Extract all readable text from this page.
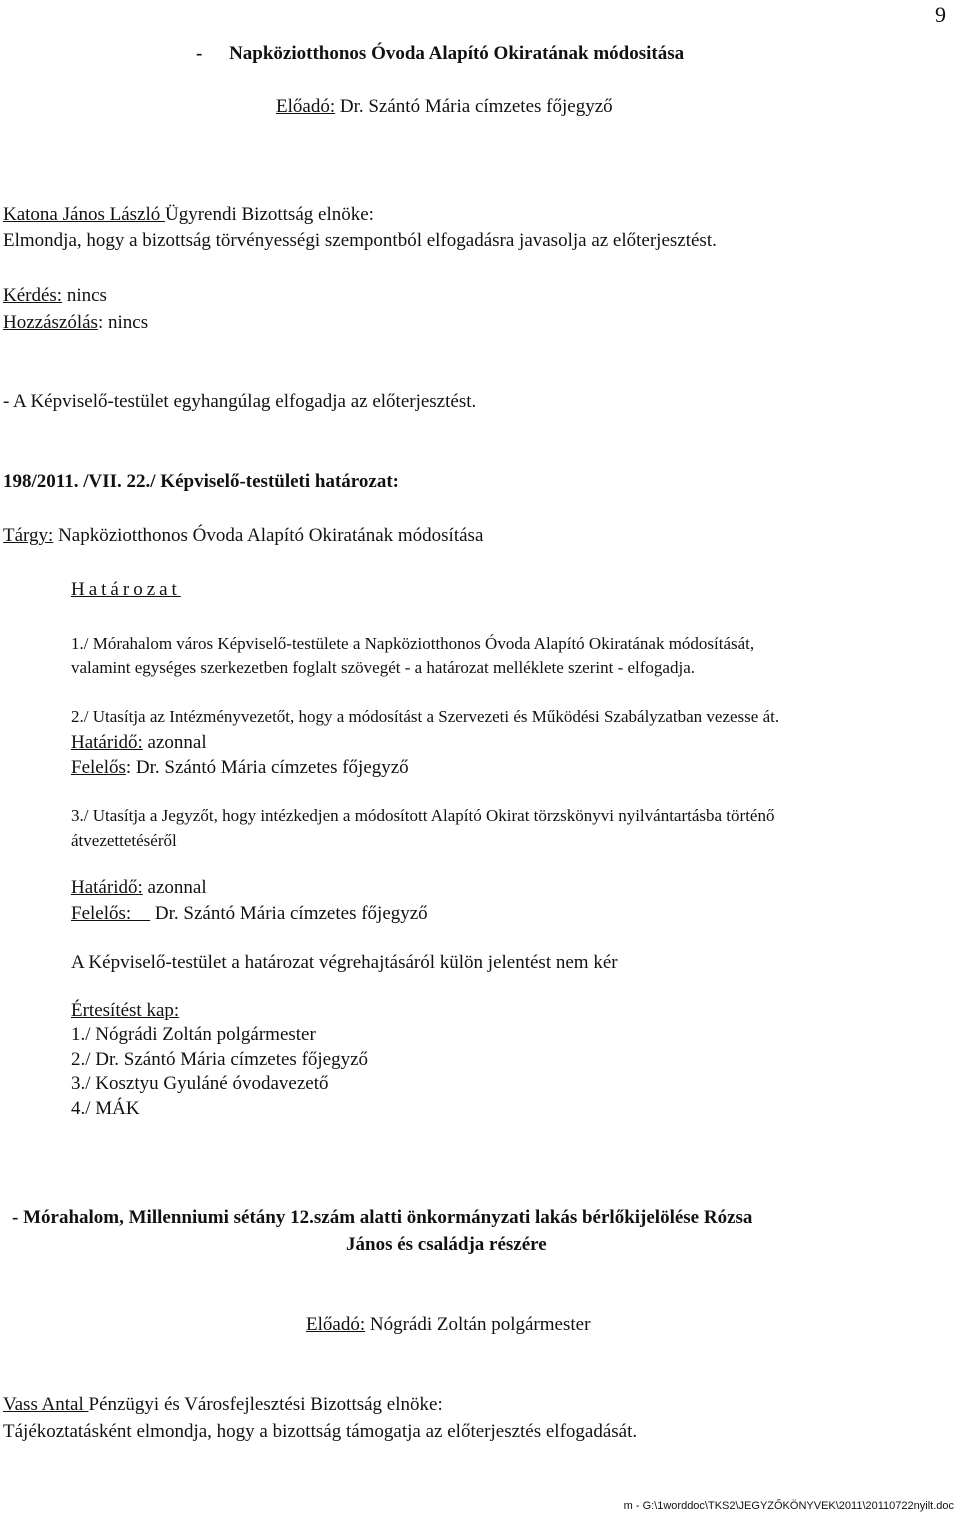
9
- Napköziotthonos Óvoda Alapító Okiratának módositása
Előadó: Dr. Szántó Mária címzetes főjegyző
Katona János László Ügyrendi Bizottság elnöke:
Elmondja, hogy a bizottság törvényességi szempontból elfogadásra javasolja az előterjesztést.
Kérdés: nincs
Hozzászólás: nincs
- A Képviselő-testület egyhangúlag elfogadja az előterjesztést.
198/2011. /VII. 22./ Képviselő-testületi határozat:
Tárgy: Napköziotthonos Óvoda Alapító Okiratának módosítása
Határozat
1./ Mórahalom város Képviselő-testülete a Napköziotthonos Óvoda Alapító Okiratának módosítását,
valamint egységes szerkezetben foglalt szövegét - a határozat melléklete szerint - elfogadja.
2./ Utasítja az Intézményvezetőt, hogy a módosítást a Szervezeti és Működési Szabályzatban vezesse át.
Határidő: azonnal
Felelős: Dr. Szántó Mária címzetes főjegyző
3./ Utasítja a Jegyzőt, hogy intézkedjen a módosított Alapító Okirat törzskönyvi nyilvántartásba történő
átvezettetéséről
Határidő: azonnal
Felelős:     Dr. Szántó Mária címzetes főjegyző
A Képviselő-testület a határozat végrehajtásáról külön jelentést nem kér
Értesítést kap:
1./ Nógrádi Zoltán polgármester
2./ Dr. Szántó Mária címzetes főjegyző
3./ Kosztyu Gyuláné óvodavezető
4./ MÁK
- Mórahalom, Millenniumi sétány 12.szám alatti önkormányzati lakás bérlőkijelölése Rózsa
János és családja részére
Előadó: Nógrádi Zoltán polgármester
Vass Antal Pénzügyi és Városfejlesztési Bizottság elnöke:
Tájékoztatásként elmondja, hogy a bizottság támogatja az előterjesztés elfogadását.
m - G:\1worddoc\TKS2\JEGYZŐKÖNYVEK\2011\20110722nyilt.doc
